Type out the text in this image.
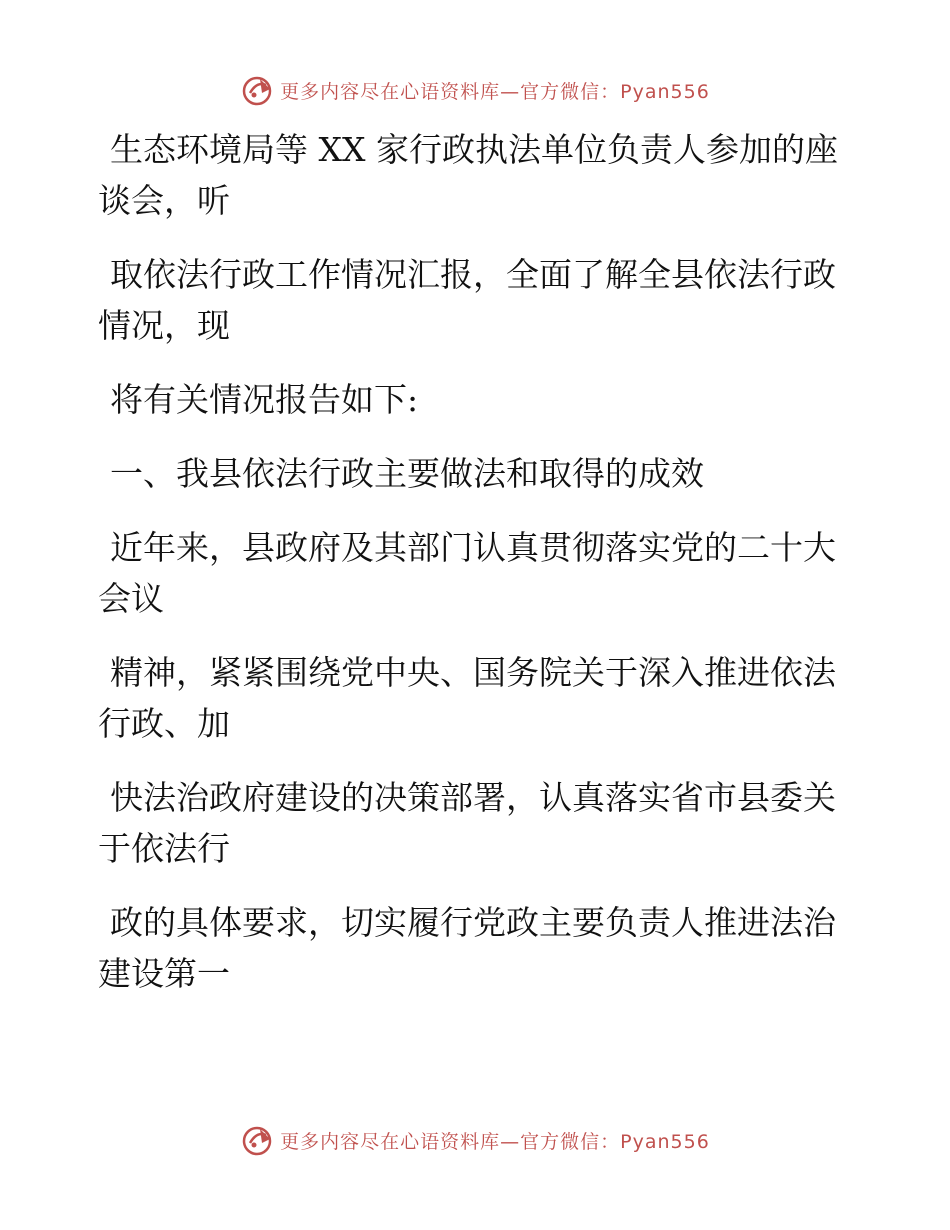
更多内容尽在心语资料库—官方微信：Pyan556

生态环境局等 XX 家行政执法单位负责人参加的座谈会，听

取依法行政工作情况汇报，全面了解全县依法行政情况，现

将有关情况报告如下:

一、我县依法行政主要做法和取得的成效

近年来，县政府及其部门认真贯彻落实党的二十大会议

精神，紧紧围绕党中央、国务院关于深入推进依法行政、加

快法治政府建设的决策部署，认真落实省市县委关于依法行

政的具体要求，切实履行党政主要负责人推进法治建设第一

更多内容尽在心语资料库—官方微信：Pyan556
